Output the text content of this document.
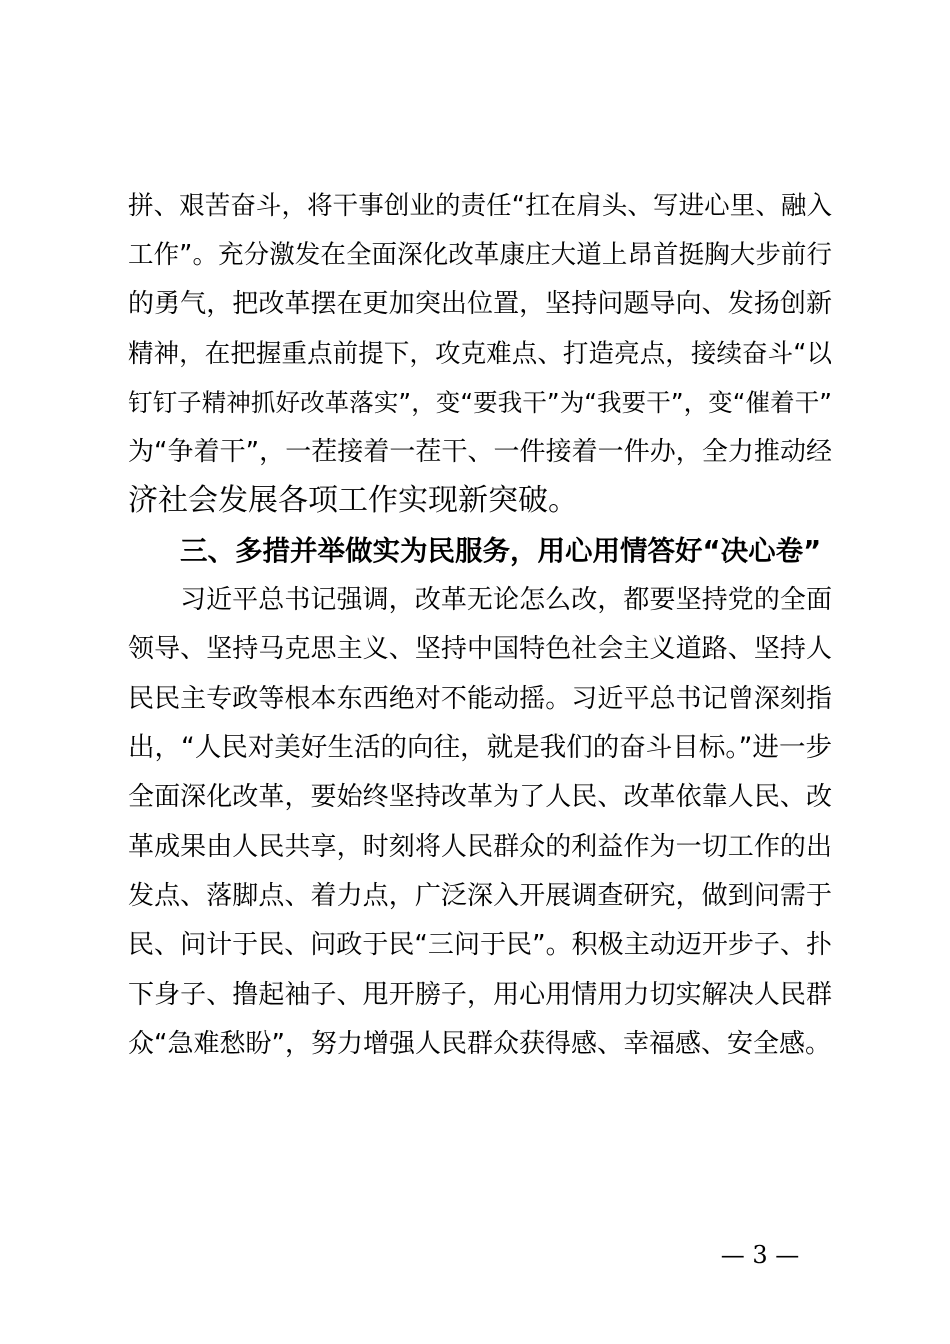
拼、艰苦奋斗，将干事创业的责任“扛在肩头、写进心里、融入
工作”。充分激发在全面深化改革康庄大道上昂首挺胸大步前行
的勇气，把改革摆在更加突出位置，坚持问题导向、发扬创新
精神，在把握重点前提下，攻克难点、打造亮点，接续奋斗“以
钉钉子精神抓好改革落实”，变“要我干”为“我要干”，变“催着干”
为“争着干”，一茬接着一茬干、一件接着一件办，全力推动经
济社会发展各项工作实现新突破。
三、多措并举做实为民服务，用心用情答好“决心卷”
习近平总书记强调，改革无论怎么改，都要坚持党的全面
领导、坚持马克思主义、坚持中国特色社会主义道路、坚持人
民民主专政等根本东西绝对不能动摇。习近平总书记曾深刻指
出，“人民对美好生活的向往，就是我们的奋斗目标。”进一步
全面深化改革，要始终坚持改革为了人民、改革依靠人民、改
革成果由人民共享，时刻将人民群众的利益作为一切工作的出
发点、落脚点、着力点，广泛深入开展调查研究，做到问需于
民、问计于民、问政于民“三问于民”。积极主动迈开步子、扑
下身子、撸起袖子、甩开膀子，用心用情用力切实解决人民群
众“急难愁盼”，努力增强人民群众获得感、幸福感、安全感。
— 3 —
